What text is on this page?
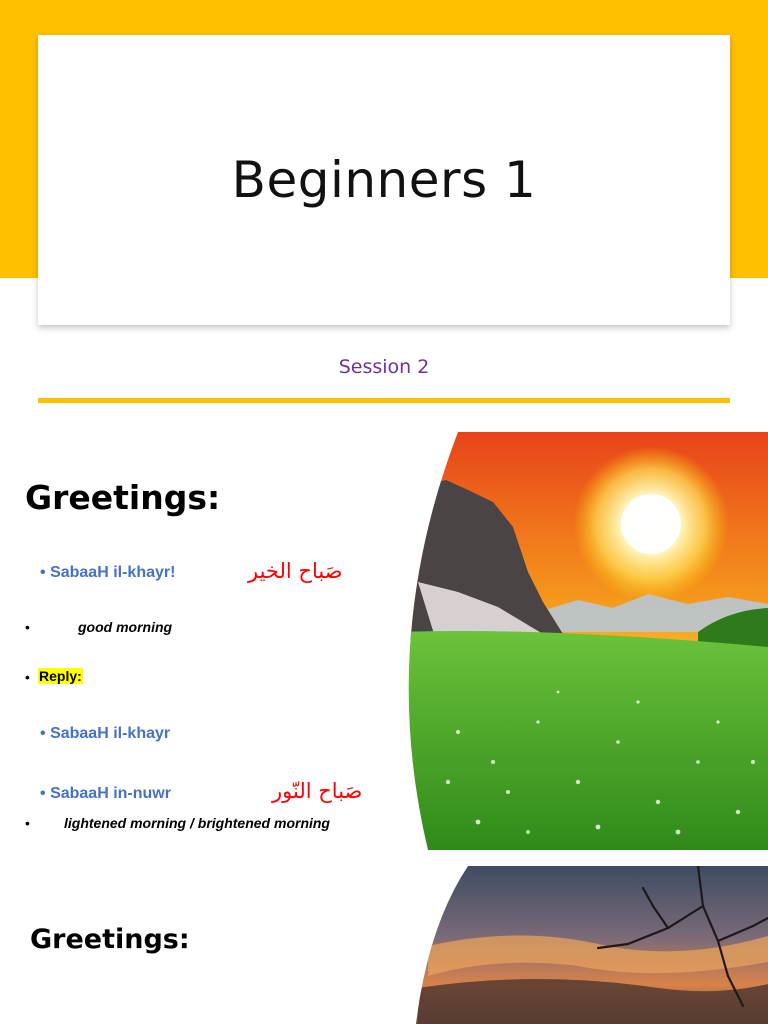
Beginners 1
Session 2
Greetings:
• SabaaH il-khayr!	صَباح الخير
•	good morning
• Reply:
• SabaaH il-khayr
• SabaaH in-nuwr	صَباح النّور
• lightened morning / brightened morning
Greetings:
